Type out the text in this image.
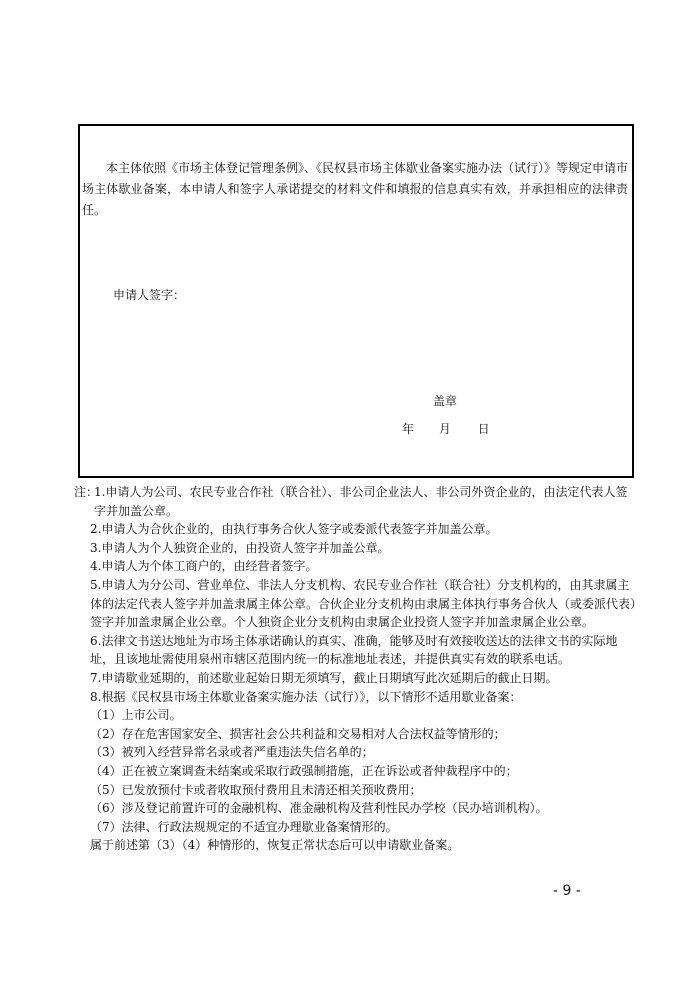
本主体依照《市场主体登记管理条例》、《民权县市场主体歇业备案实施办法（试行）》等规定申请市场主体歇业备案，本申请人和签字人承诺提交的材料文件和填报的信息真实有效，并承担相应的法律责任。

申请人签字：

盖章
年 月 日
注：1.申请人为公司、农民专业合作社（联合社）、非公司企业法人、非公司外资企业的，由法定代表人签字并加盖公章。
2.申请人为合伙企业的，由执行事务合伙人签字或委派代表签字并加盖公章。
3.申请人为个人独资企业的，由投资人签字并加盖公章。
4.申请人为个体工商户的，由经营者签字。
5.申请人为分公司、营业单位、非法人分支机构、农民专业合作社（联合社）分支机构的，由其隶属主体的法定代表人签字并加盖隶属主体公章。合伙企业分支机构由隶属主体执行事务合伙人（或委派代表）签字并加盖隶属企业公章。个人独资企业分支机构由隶属企业投资人签字并加盖隶属企业公章。
6.法律文书送达地址为市场主体承诺确认的真实、准确，能够及时有效接收送达的法律文书的实际地址，且该地址需使用泉州市辖区范围内统一的标准地址表述，并提供真实有效的联系电话。
7.申请歇业延期的，前述歇业起始日期无须填写，截止日期填写此次延期后的截止日期。
8.根据《民权县市场主体歇业备案实施办法（试行）》，以下情形不适用歇业备案：
（1）上市公司。
（2）存在危害国家安全、损害社会公共利益和交易相对人合法权益等情形的；
（3）被列入经营异常名录或者严重违法失信名单的；
（4）正在被立案调查未结案或采取行政强制措施，正在诉讼或者仲裁程序中的；
（5）已发放预付卡或者收取预付费用且未清还相关预收费用；
（6）涉及登记前置许可的金融机构、准金融机构及营利性民办学校（民办培训机构）。
（7）法律、行政法规规定的不适宜办理歇业备案情形的。
属于前述第（3）（4）种情形的，恢复正常状态后可以申请歇业备案。
- 9 -
